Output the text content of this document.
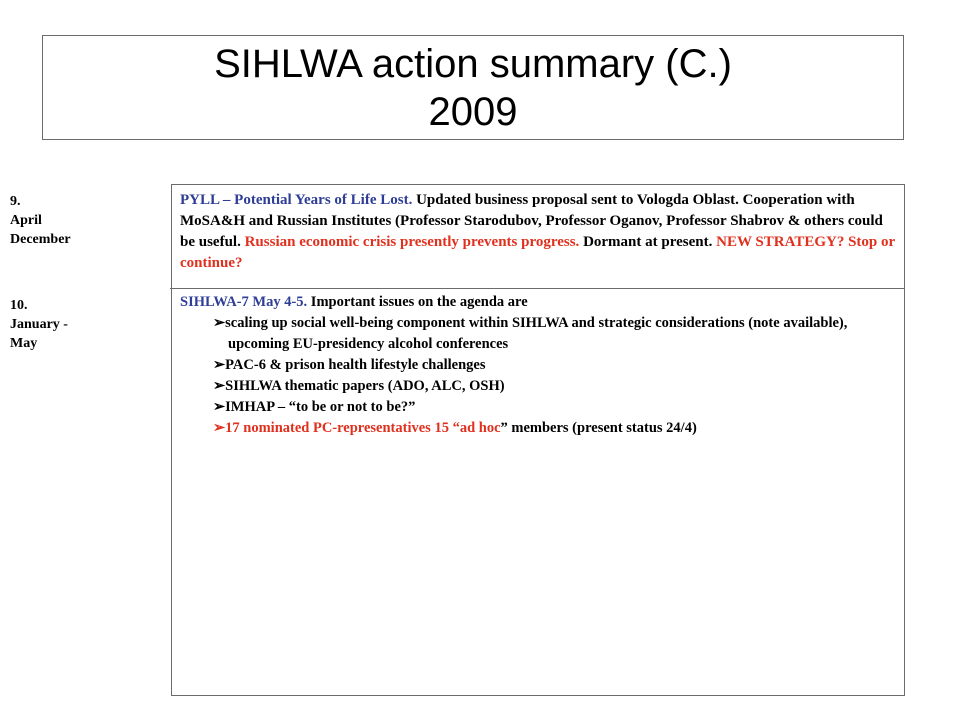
SIHLWA action summary (C.)
2009

9.
April
December
PYLL – Potential Years of Life Lost. Updated business proposal sent to Vologda Oblast. Cooperation with MoSA&H and Russian Institutes (Professor Starodubov, Professor Oganov, Professor Shabrov & others could be useful. Russian economic crisis presently prevents progress. Dormant at present. NEW STRATEGY? Stop or continue?
10.
January -
May
SIHLWA-7 May 4-5. Important issues on the agenda are
➢scaling up social well-being component within SIHLWA and strategic considerations (note available), upcoming EU-presidency alcohol conferences
➢PAC-6 & prison health lifestyle challenges
➢SIHLWA thematic papers (ADO, ALC, OSH)
➢IMHAP – “to be or not to be?”
➢17 nominated PC-representatives 15 “ad hoc” members (present status 24/4)
